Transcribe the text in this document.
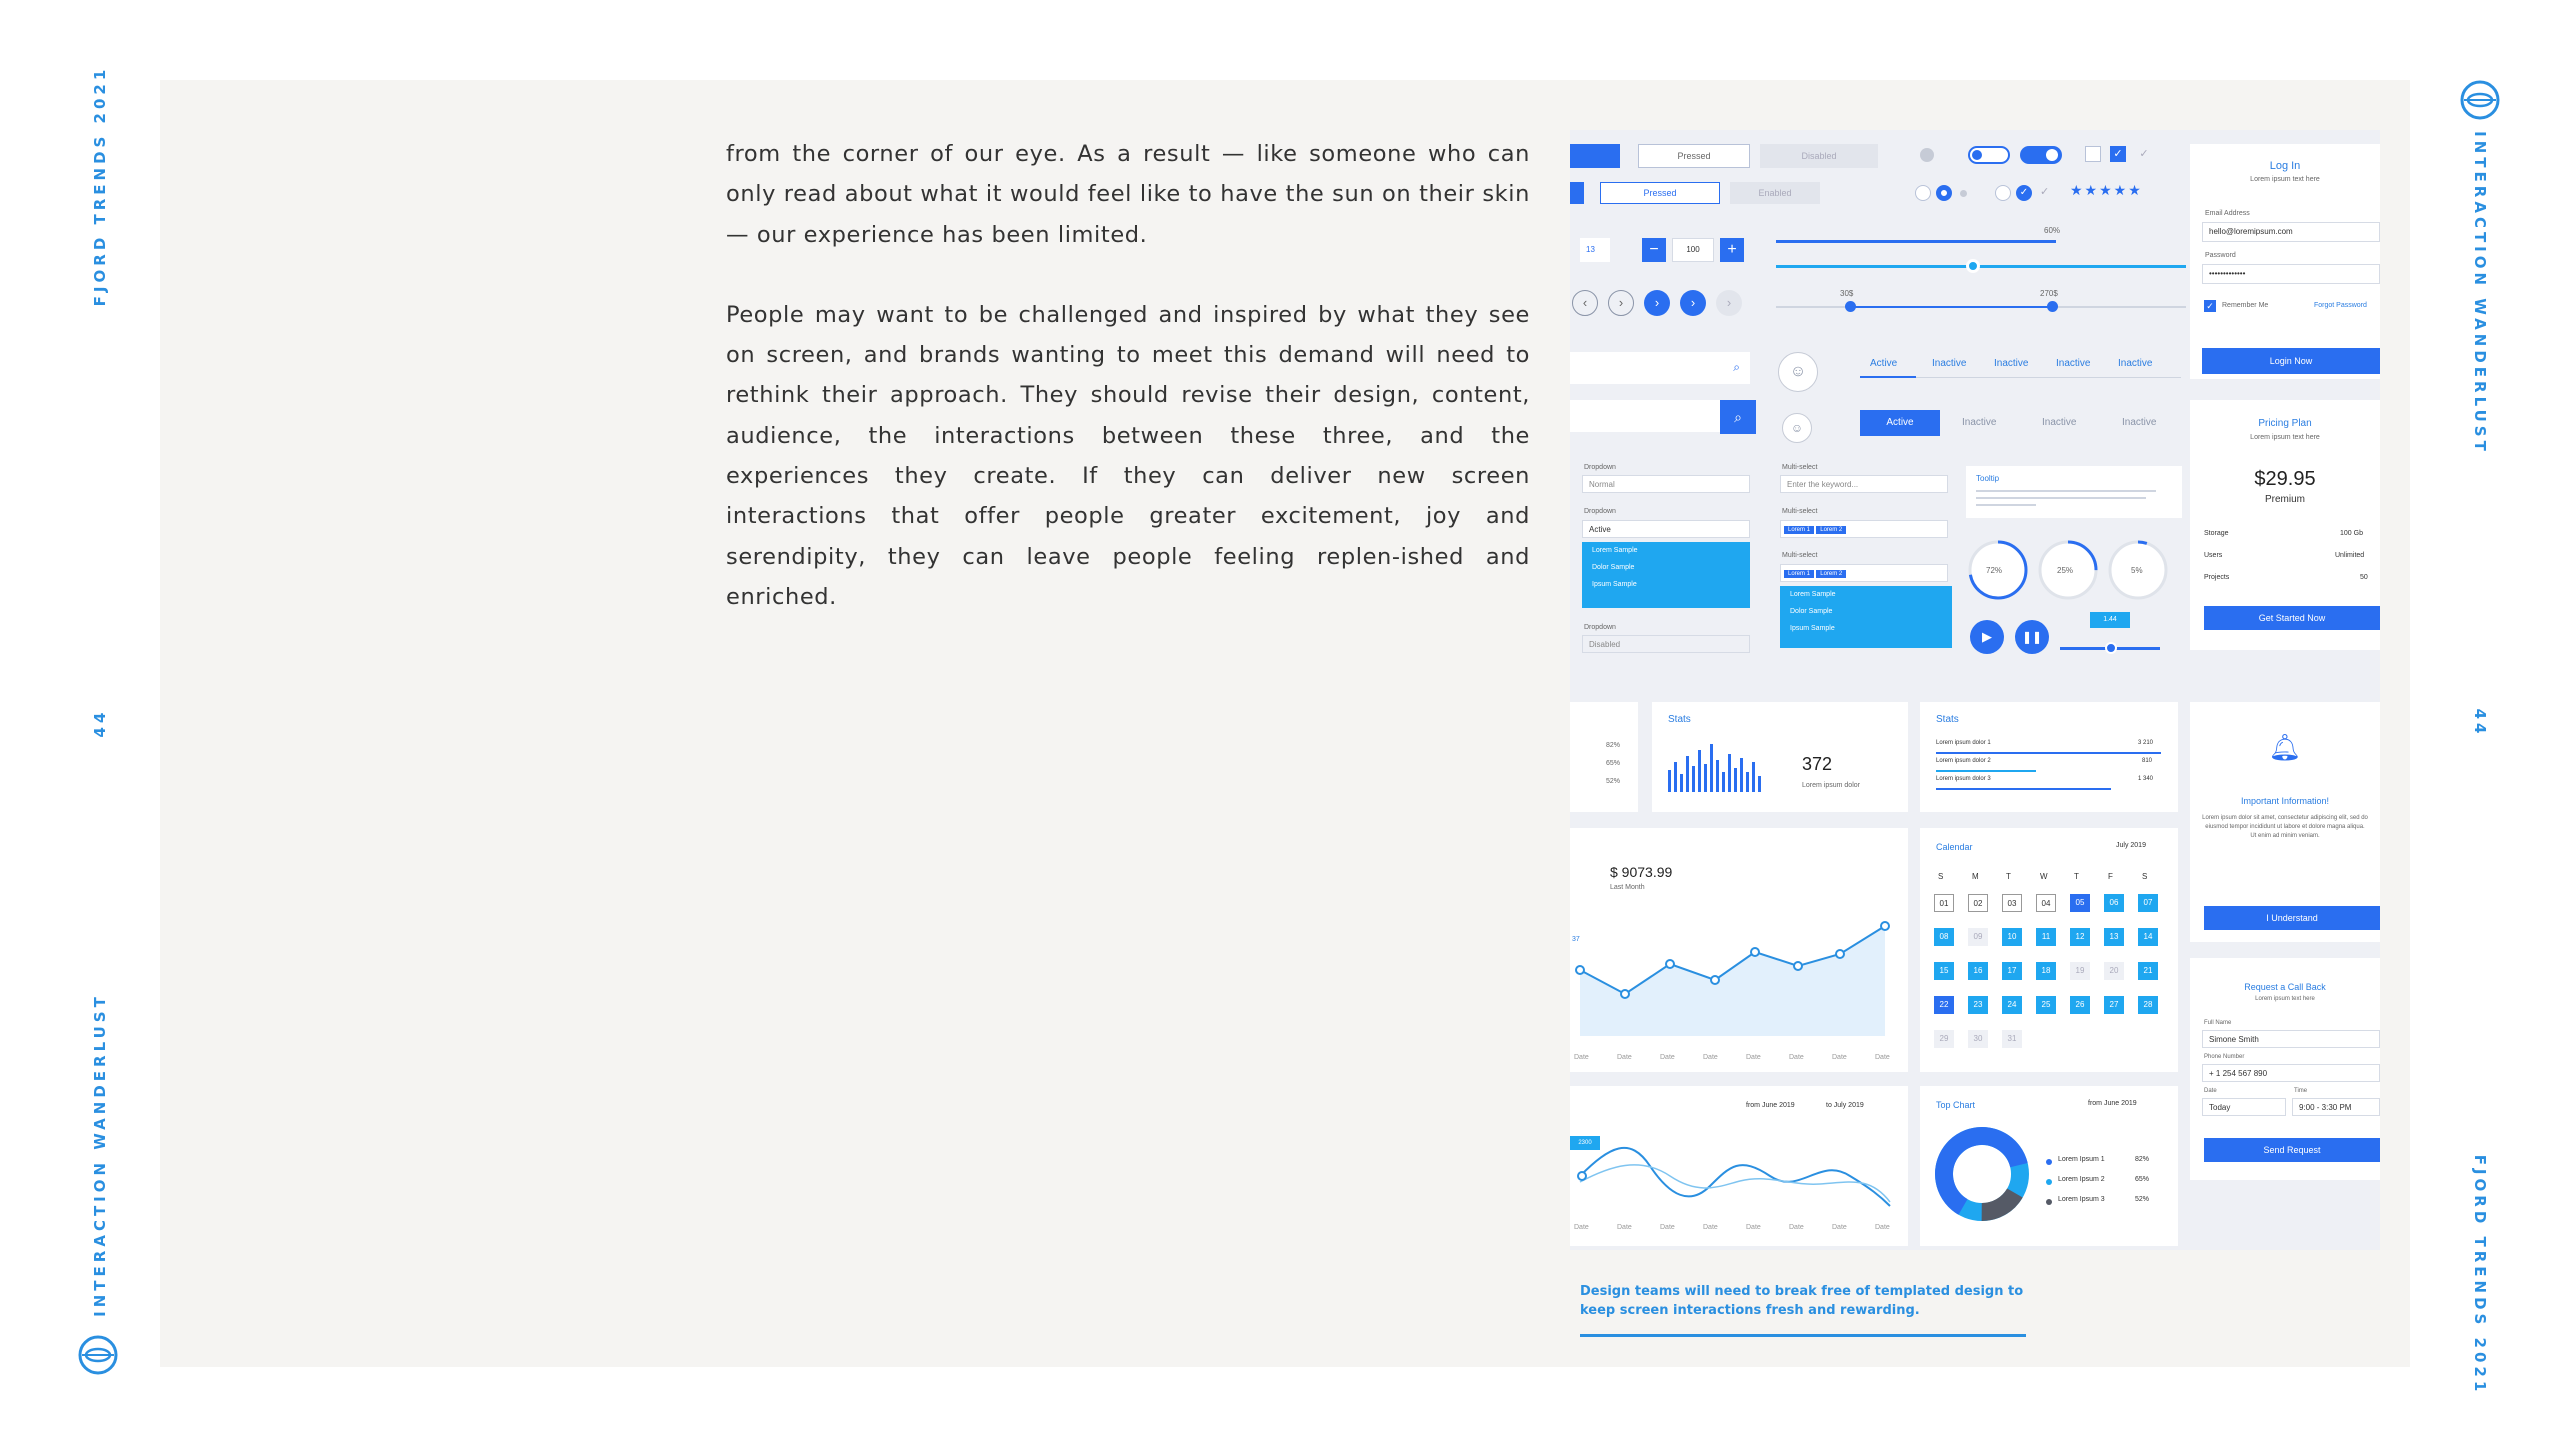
FJORD TRENDS 2021
44
INTERACTION WANDERLUST
INTERACTION WANDERLUST
44
FJORD TRENDS 2021

from the corner of our eye. As a result — like someone who can only read about what it would feel like to have the sun on their skin — our experience has been limited.

People may want to be challenged and inspired by what they see on screen, and brands wanting to meet this demand will need to rethink their approach. They should revise their design, content, audience, the interactions between these three, and the experiences they create. If they can deliver new screen interactions that offer people greater excitement, joy and serendipity, they can leave people feeling replen-ished and enriched.

Pressed	Disabled
Pressed	Enabled
✓	✓
✓	✓ ★★★★★
Log In
Lorem ipsum text here
Email Address
hello@loremipsum.com
Password
•••••••••••••
✓	Remember Me	Forgot Password
Login Now
13	−	100	+
60%
30$	270$
‹	›	›	›	›
⌕
⌕
☺
☺
Active	Inactive	Inactive	Inactive	Inactive
Active	Inactive	Inactive	Inactive
Dropdown
Normal
Dropdown
Active
Lorem Sample
Dolor Sample
Ipsum Sample
Dropdown
Disabled
Multi-select
Enter the keyword...
Multi-select
Lorem 1 Lorem 2
Multi-select
Lorem 1 Lorem 2
Lorem Sample
Dolor Sample
Ipsum Sample
Tooltip
72%	25%	5%
▶	❚❚
1.44
Pricing Plan
Lorem ipsum text here
$29.95
Premium
Storage	100 Gb
Users	Unlimited
Projects	50
Get Started Now
82%
65%
52%
Stats
372
Lorem ipsum dolor
Stats
Lorem ipsum dolor 1	3 210
Lorem ipsum dolor 2	810
Lorem ipsum dolor 3	1 340
🔔︎
Important Information!
Lorem ipsum dolor sit amet, consectetur adipiscing elit, sed do eiusmod tempor incididunt ut labore et dolore magna aliqua. Ut enim ad minim veniam.
I Understand
$ 9073.99
Last Month
37
Date	Date	Date	Date	Date	Date	Date	Date
Calendar	July 2019
S	M	T	W	T	F	S
01	02	03	04	05	06	07
08	09	10	11	12	13	14
15	16	17	18	19	20	21
22	23	24	25	26	27	28
29	30	31
Request a Call Back
Lorem ipsum text here
Full Name
Simone Smith
Phone Number
+ 1 254 567 890
Date	Time
Today	9:00 - 3:30 PM
Send Request
from June 2019	to July 2019
2300
Date	Date	Date	Date	Date	Date	Date	Date
Top Chart	from June 2019
Lorem Ipsum 1	82%
Lorem Ipsum 2	65%
Lorem Ipsum 3	52%
Design teams will need to break free of templated design to keep screen interactions fresh and rewarding.
